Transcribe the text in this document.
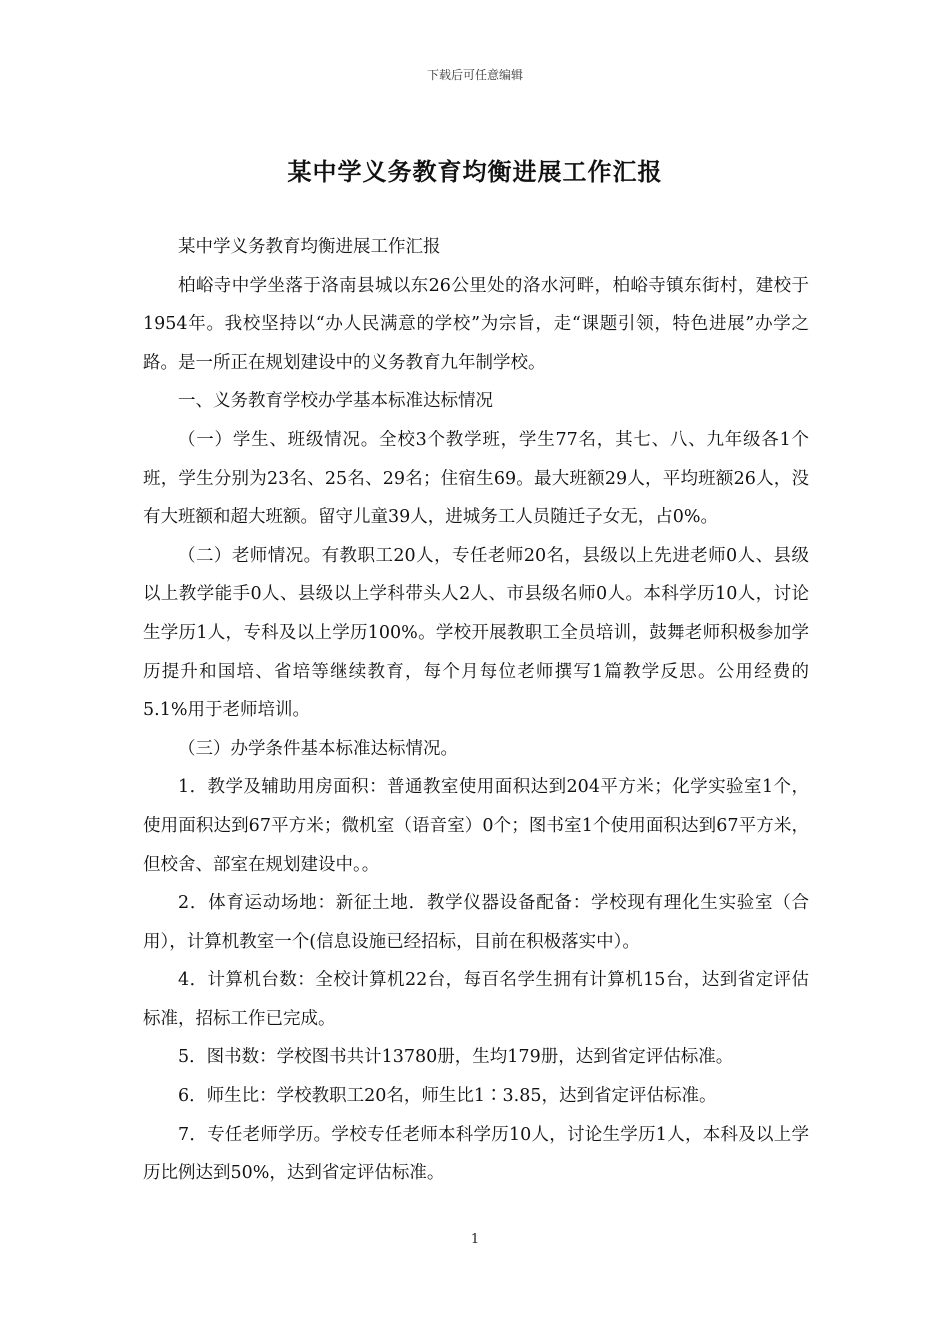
下载后可任意编辑
某中学义务教育均衡进展工作汇报

某中学义务教育均衡进展工作汇报

柏峪寺中学坐落于洛南县城以东26公里处的洛水河畔，柏峪寺镇东街村，建校于1954年。我校坚持以“办人民满意的学校”为宗旨，走“课题引领，特色进展”办学之路。是一所正在规划建设中的义务教育九年制学校。

一、义务教育学校办学基本标准达标情况

（一）学生、班级情况。全校3个教学班，学生77名，其七、八、九年级各1个班，学生分别为23名、25名、29名；住宿生69。最大班额29人，平均班额26人，没有大班额和超大班额。留守儿童39人，进城务工人员随迁子女无，占0%。

（二）老师情况。有教职工20人，专任老师20名，县级以上先进老师0人、县级以上教学能手0人、县级以上学科带头人2人、市县级名师0人。本科学历10人，讨论生学历1人，专科及以上学历100%。学校开展教职工全员培训，鼓舞老师积极参加学历提升和国培、省培等继续教育，每个月每位老师撰写1篇教学反思。公用经费的5.1%用于老师培训。

（三）办学条件基本标准达标情况。

1．教学及辅助用房面积：普通教室使用面积达到204平方米；化学实验室1个，使用面积达到67平方米；微机室（语音室）0个；图书室1个使用面积达到67平方米，但校舍、部室在规划建设中。。

2．体育运动场地：新征土地．教学仪器设备配备：学校现有理化生实验室（合用），计算机教室一个(信息设施已经招标，目前在积极落实中）。

4．计算机台数：全校计算机22台，每百名学生拥有计算机15台，达到省定评估标准，招标工作已完成。

5．图书数：学校图书共计13780册，生均179册，达到省定评估标准。

6．师生比：学校教职工20名，师生比1∶3.85，达到省定评估标准。

7．专任老师学历。学校专任老师本科学历10人，讨论生学历1人，本科及以上学历比例达到50%，达到省定评估标准。

1
